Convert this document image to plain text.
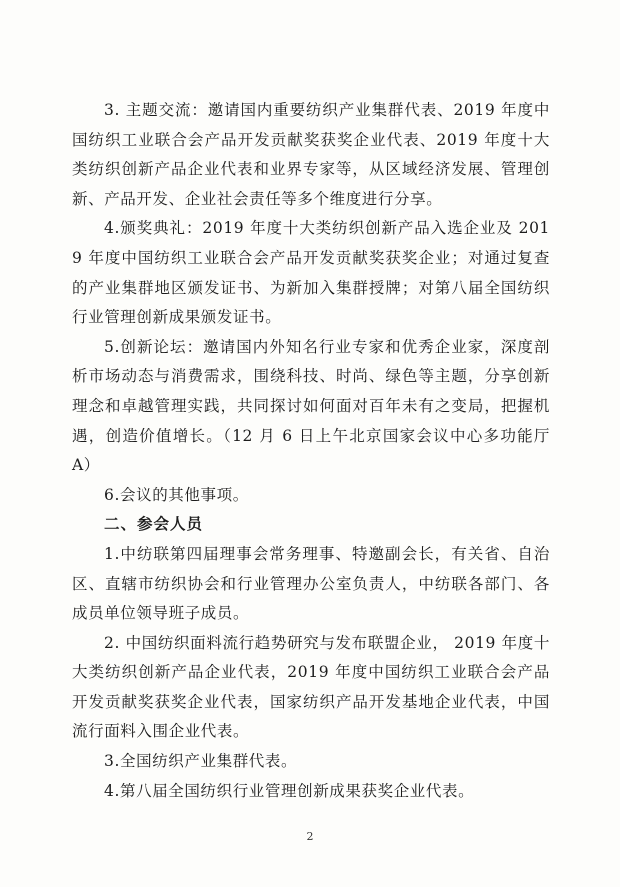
3. 主题交流：邀请国内重要纺织产业集群代表、2019 年度中国纺织工业联合会产品开发贡献奖获奖企业代表、2019 年度十大类纺织创新产品企业代表和业界专家等，从区域经济发展、管理创新、产品开发、企业社会责任等多个维度进行分享。

4.颁奖典礼：2019 年度十大类纺织创新产品入选企业及 2019 年度中国纺织工业联合会产品开发贡献奖获奖企业；对通过复查的产业集群地区颁发证书、为新加入集群授牌；对第八届全国纺织行业管理创新成果颁发证书。

5.创新论坛：邀请国内外知名行业专家和优秀企业家，深度剖析市场动态与消费需求，围绕科技、时尚、绿色等主题，分享创新理念和卓越管理实践，共同探讨如何面对百年未有之变局，把握机遇，创造价值增长。（12 月 6 日上午北京国家会议中心多功能厅 A）

6.会议的其他事项。

二、参会人员

1.中纺联第四届理事会常务理事、特邀副会长，有关省、自治区、直辖市纺织协会和行业管理办公室负责人，中纺联各部门、各成员单位领导班子成员。

2. 中国纺织面料流行趋势研究与发布联盟企业， 2019 年度十大类纺织创新产品企业代表，2019 年度中国纺织工业联合会产品开发贡献奖获奖企业代表，国家纺织产品开发基地企业代表，中国流行面料入围企业代表。

3.全国纺织产业集群代表。

4.第八届全国纺织行业管理创新成果获奖企业代表。

2
